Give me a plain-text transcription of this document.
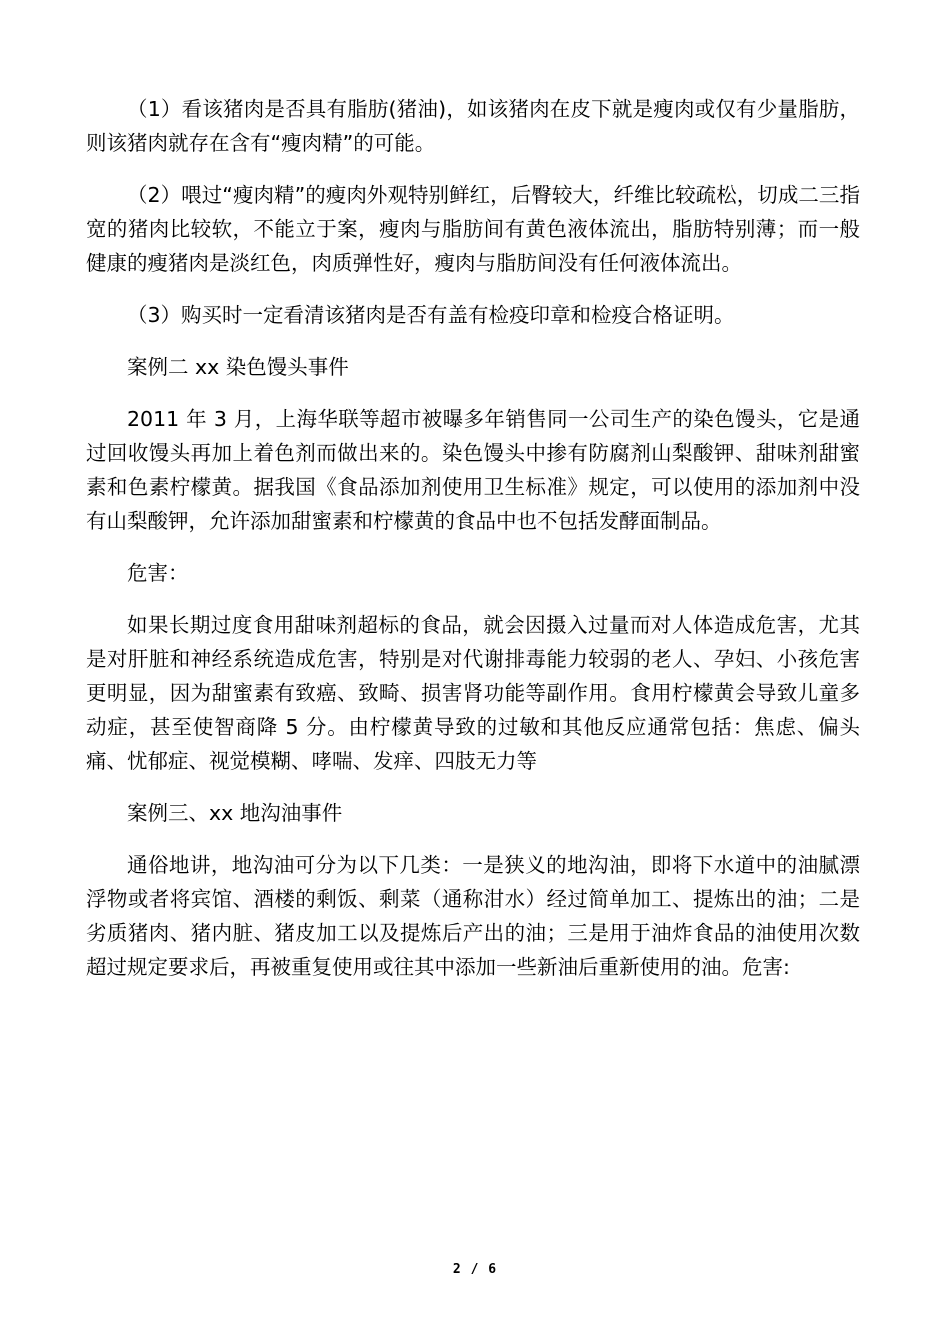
（1）看该猪肉是否具有脂肪(猪油)，如该猪肉在皮下就是瘦肉或仅有少量脂肪，则该猪肉就存在含有“瘦肉精”的可能。

（2）喂过“瘦肉精”的瘦肉外观特别鲜红，后臀较大，纤维比较疏松，切成二三指宽的猪肉比较软，不能立于案，瘦肉与脂肪间有黄色液体流出，脂肪特别薄；而一般健康的瘦猪肉是淡红色，肉质弹性好，瘦肉与脂肪间没有任何液体流出。

（3）购买时一定看清该猪肉是否有盖有检疫印章和检疫合格证明。

案例二 xx 染色馒头事件

2011 年 3 月，上海华联等超市被曝多年销售同一公司生产的染色馒头，它是通过回收馒头再加上着色剂而做出来的。染色馒头中掺有防腐剂山梨酸钾、甜味剂甜蜜素和色素柠檬黄。据我国《食品添加剂使用卫生标准》规定，可以使用的添加剂中没有山梨酸钾，允许添加甜蜜素和柠檬黄的食品中也不包括发酵面制品。

危害：

如果长期过度食用甜味剂超标的食品，就会因摄入过量而对人体造成危害，尤其是对肝脏和神经系统造成危害，特别是对代谢排毒能力较弱的老人、孕妇、小孩危害更明显，因为甜蜜素有致癌、致畸、损害肾功能等副作用。食用柠檬黄会导致儿童多动症，甚至使智商降 5 分。由柠檬黄导致的过敏和其他反应通常包括：焦虑、偏头痛、忧郁症、视觉模糊、哮喘、发痒、四肢无力等

案例三、xx 地沟油事件

通俗地讲，地沟油可分为以下几类：一是狭义的地沟油，即将下水道中的油腻漂浮物或者将宾馆、酒楼的剩饭、剩菜（通称泔水）经过简单加工、提炼出的油；二是劣质猪肉、猪内脏、猪皮加工以及提炼后产出的油；三是用于油炸食品的油使用次数超过规定要求后，再被重复使用或往其中添加一些新油后重新使用的油。危害:

2 / 6
